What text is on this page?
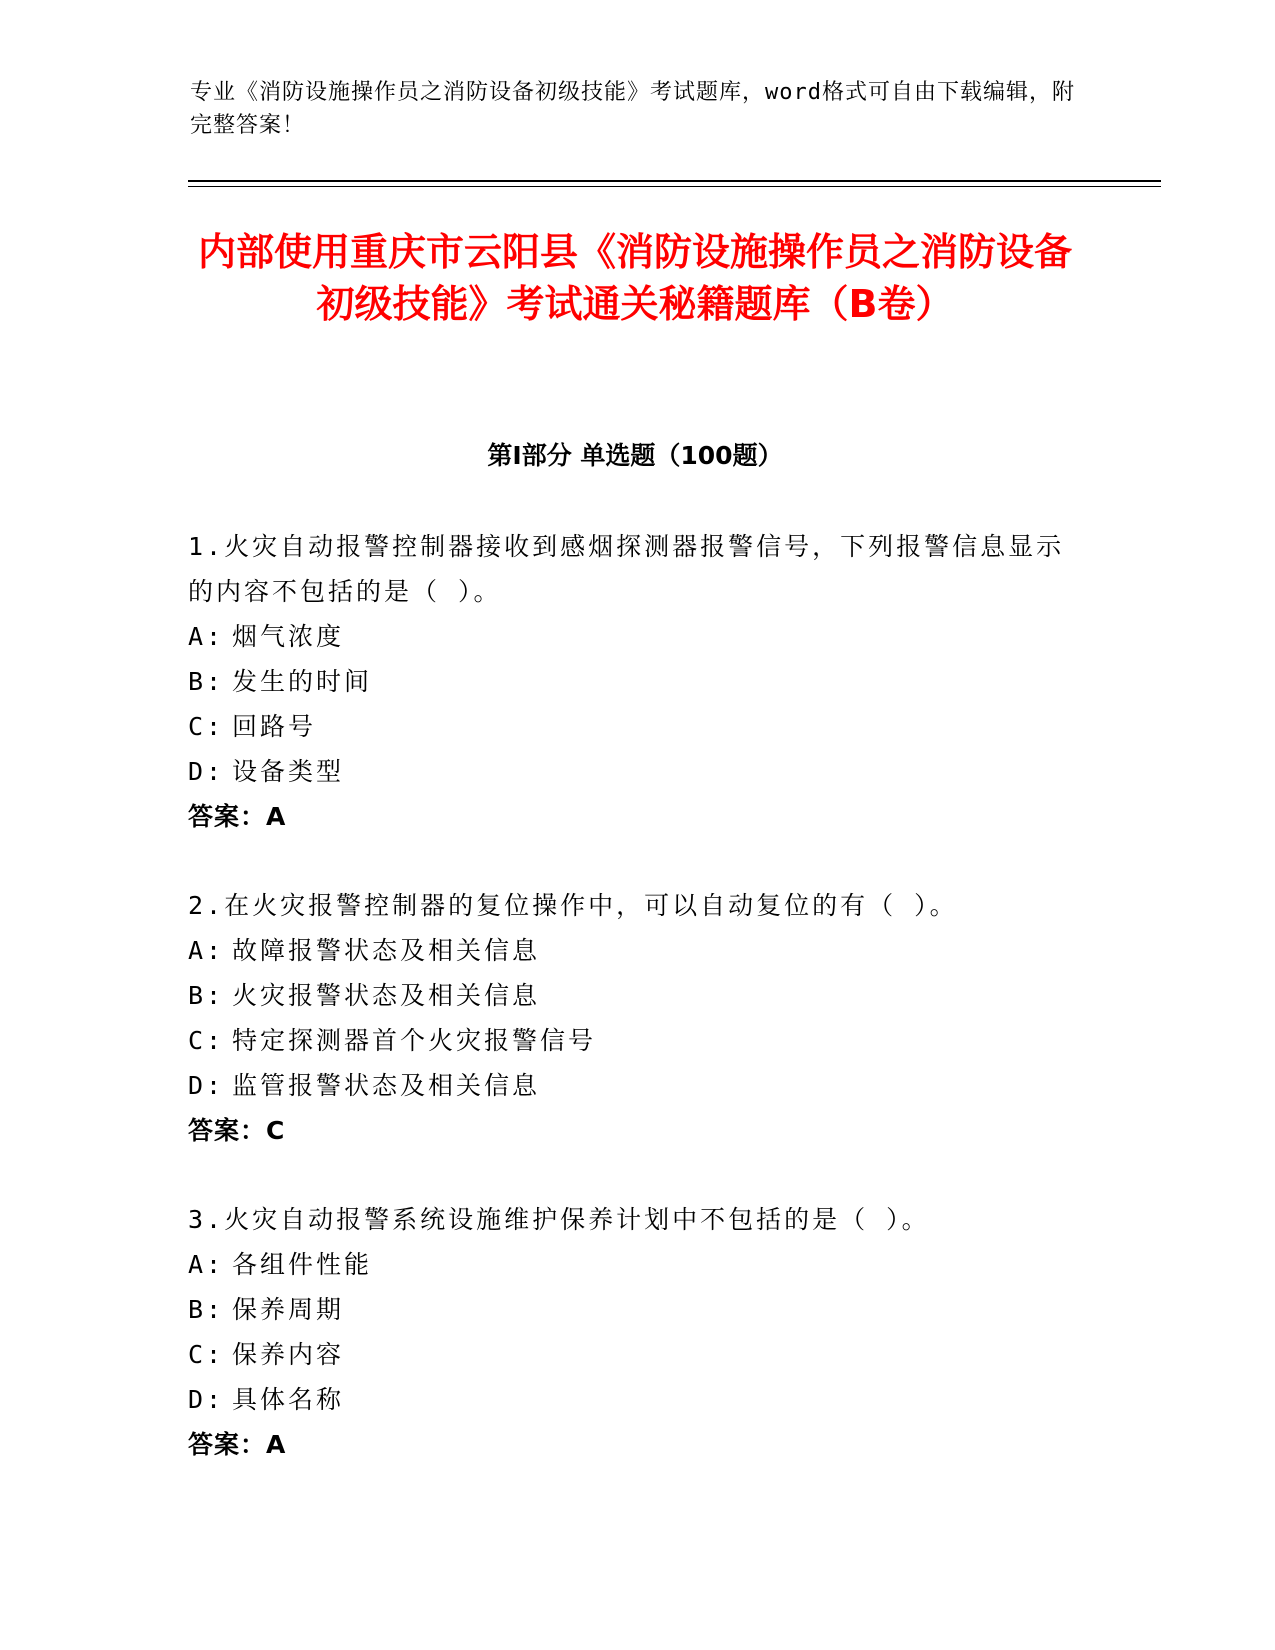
专业《消防设施操作员之消防设备初级技能》考试题库，word格式可自由下载编辑，附完整答案！
内部使用重庆市云阳县《消防设施操作员之消防设备初级技能》考试通关秘籍题库（B卷）
第Ⅰ部分 单选题（100题）
1.火灾自动报警控制器接收到感烟探测器报警信号，下列报警信息显示的内容不包括的是（ ）。
A: 烟气浓度
B: 发生的时间
C: 回路号
D: 设备类型
答案：A
2.在火灾报警控制器的复位操作中，可以自动复位的有（ ）。
A: 故障报警状态及相关信息
B: 火灾报警状态及相关信息
C: 特定探测器首个火灾报警信号
D: 监管报警状态及相关信息
答案：C
3.火灾自动报警系统设施维护保养计划中不包括的是（ ）。
A: 各组件性能
B: 保养周期
C: 保养内容
D: 具体名称
答案：A
